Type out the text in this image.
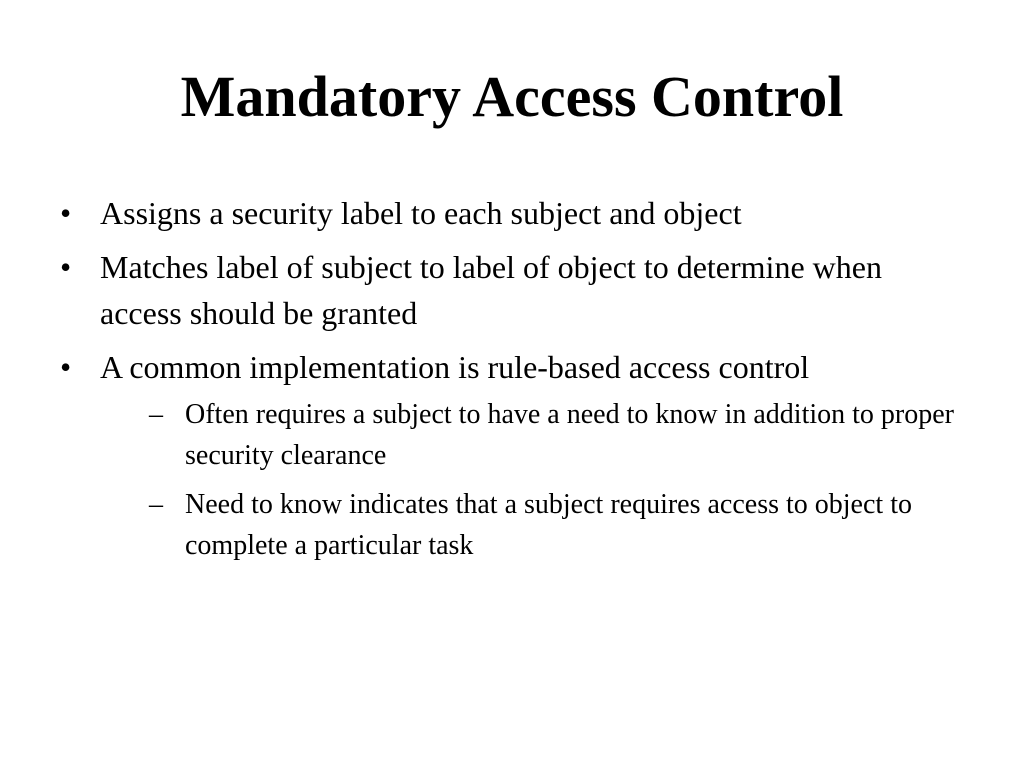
Mandatory Access Control
• Assigns a security label to each subject and object
• Matches label of subject to label of object to determine when access should be granted
• A common implementation is rule-based access control
– Often requires a subject to have a need to know in addition to proper security clearance
– Need to know indicates that a subject requires access to object to complete a particular task
